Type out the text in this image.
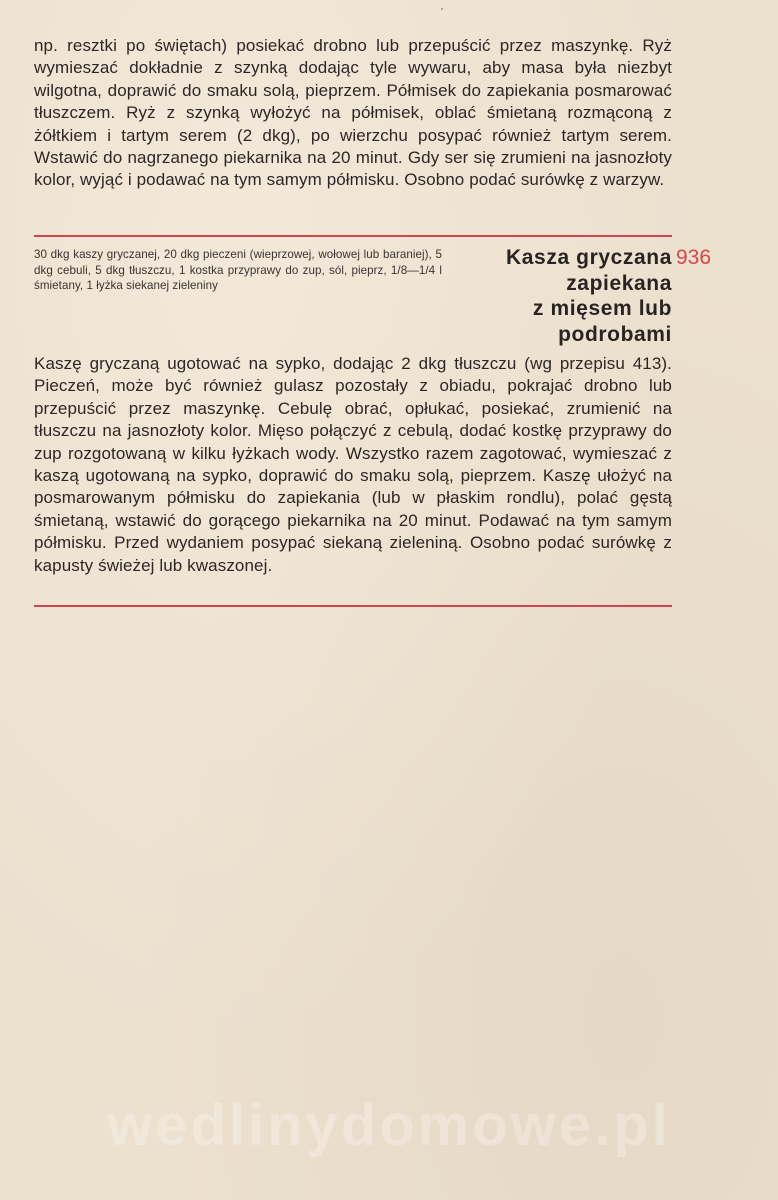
np. resztki po świętach) posiekać drobno lub przepuścić przez maszynkę. Ryż wymieszać dokładnie z szynką dodając tyle wywaru, aby masa była niezbyt wilgotna, doprawić do smaku solą, pieprzem. Półmisek do zapiekania posmarować tłuszczem. Ryż z szynką wyłożyć na półmisek, oblać śmietaną rozmąconą z żółtkiem i tartym serem (2 dkg), po wierzchu posypać również tartym serem. Wstawić do nagrzanego piekarnika na 20 minut. Gdy ser się zrumieni na jasnozłoty kolor, wyjąć i podawać na tym samym półmisku. Osobno podać surówkę z warzyw.

30 dkg kaszy gryczanej, 20 dkg pieczeni (wieprzowej, wołowej lub baraniej), 5 dkg cebuli, 5 dkg tłuszczu, 1 kostka przyprawy do zup, sól, pieprz, 1/8—1/4 l śmietany, 1 łyżka siekanej zieleniny

Kasza gryczana
zapiekana
z mięsem lub
podrobami
936

Kaszę gryczaną ugotować na sypko, dodając 2 dkg tłuszczu (wg przepisu 413). Pieczeń, może być również gulasz pozostały z obiadu, pokrajać drobno lub przepuścić przez maszynkę. Cebulę obrać, opłukać, posiekać, zrumienić na tłuszczu na jasnozłoty kolor. Mięso połączyć z cebulą, dodać kostkę przyprawy do zup rozgotowaną w kilku łyżkach wody. Wszystko razem zagotować, wymieszać z kaszą ugotowaną na sypko, doprawić do smaku solą, pieprzem. Kaszę ułożyć na posmarowanym półmisku do zapiekania (lub w płaskim rondlu), polać gęstą śmietaną, wstawić do gorącego piekarnika na 20 minut. Podawać na tym samym półmisku. Przed wydaniem posypać siekaną zieleniną. Osobno podać surówkę z kapusty świeżej lub kwaszonej.

wedlinydomowe.pl
